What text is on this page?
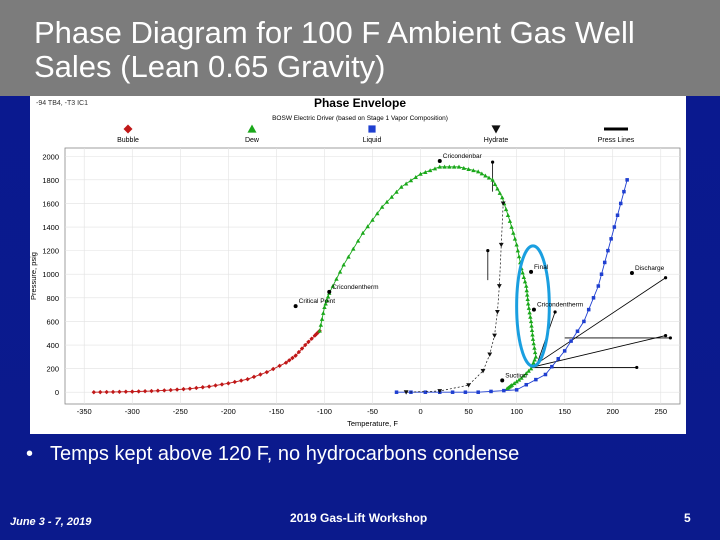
Phase Diagram for 100 F Ambient Gas Well Sales (Lean 0.65 Gravity)
-94 TB4, -T3 IC1	Phase Envelope
BOSW Electric Driver (based on Stage 1 Vapor Composition)
Bubble	Dew	Liquid	Hydrate	Press Lines
-350	-300	-250	-200	-150	-100	-50	0	50	100	150	200	250
0
200
400
600
800
1000
1200
1400
1600
1800
2000
Temperature, F
Pressure, psig
Cricondenbar
Cricondentherm
Critical Point
Final
Cricondentherm
Suction
Discharge
• Temps kept above 120 F, no hydrocarbons condense
June 3 - 7, 2019	2019 Gas-Lift Workshop	5
